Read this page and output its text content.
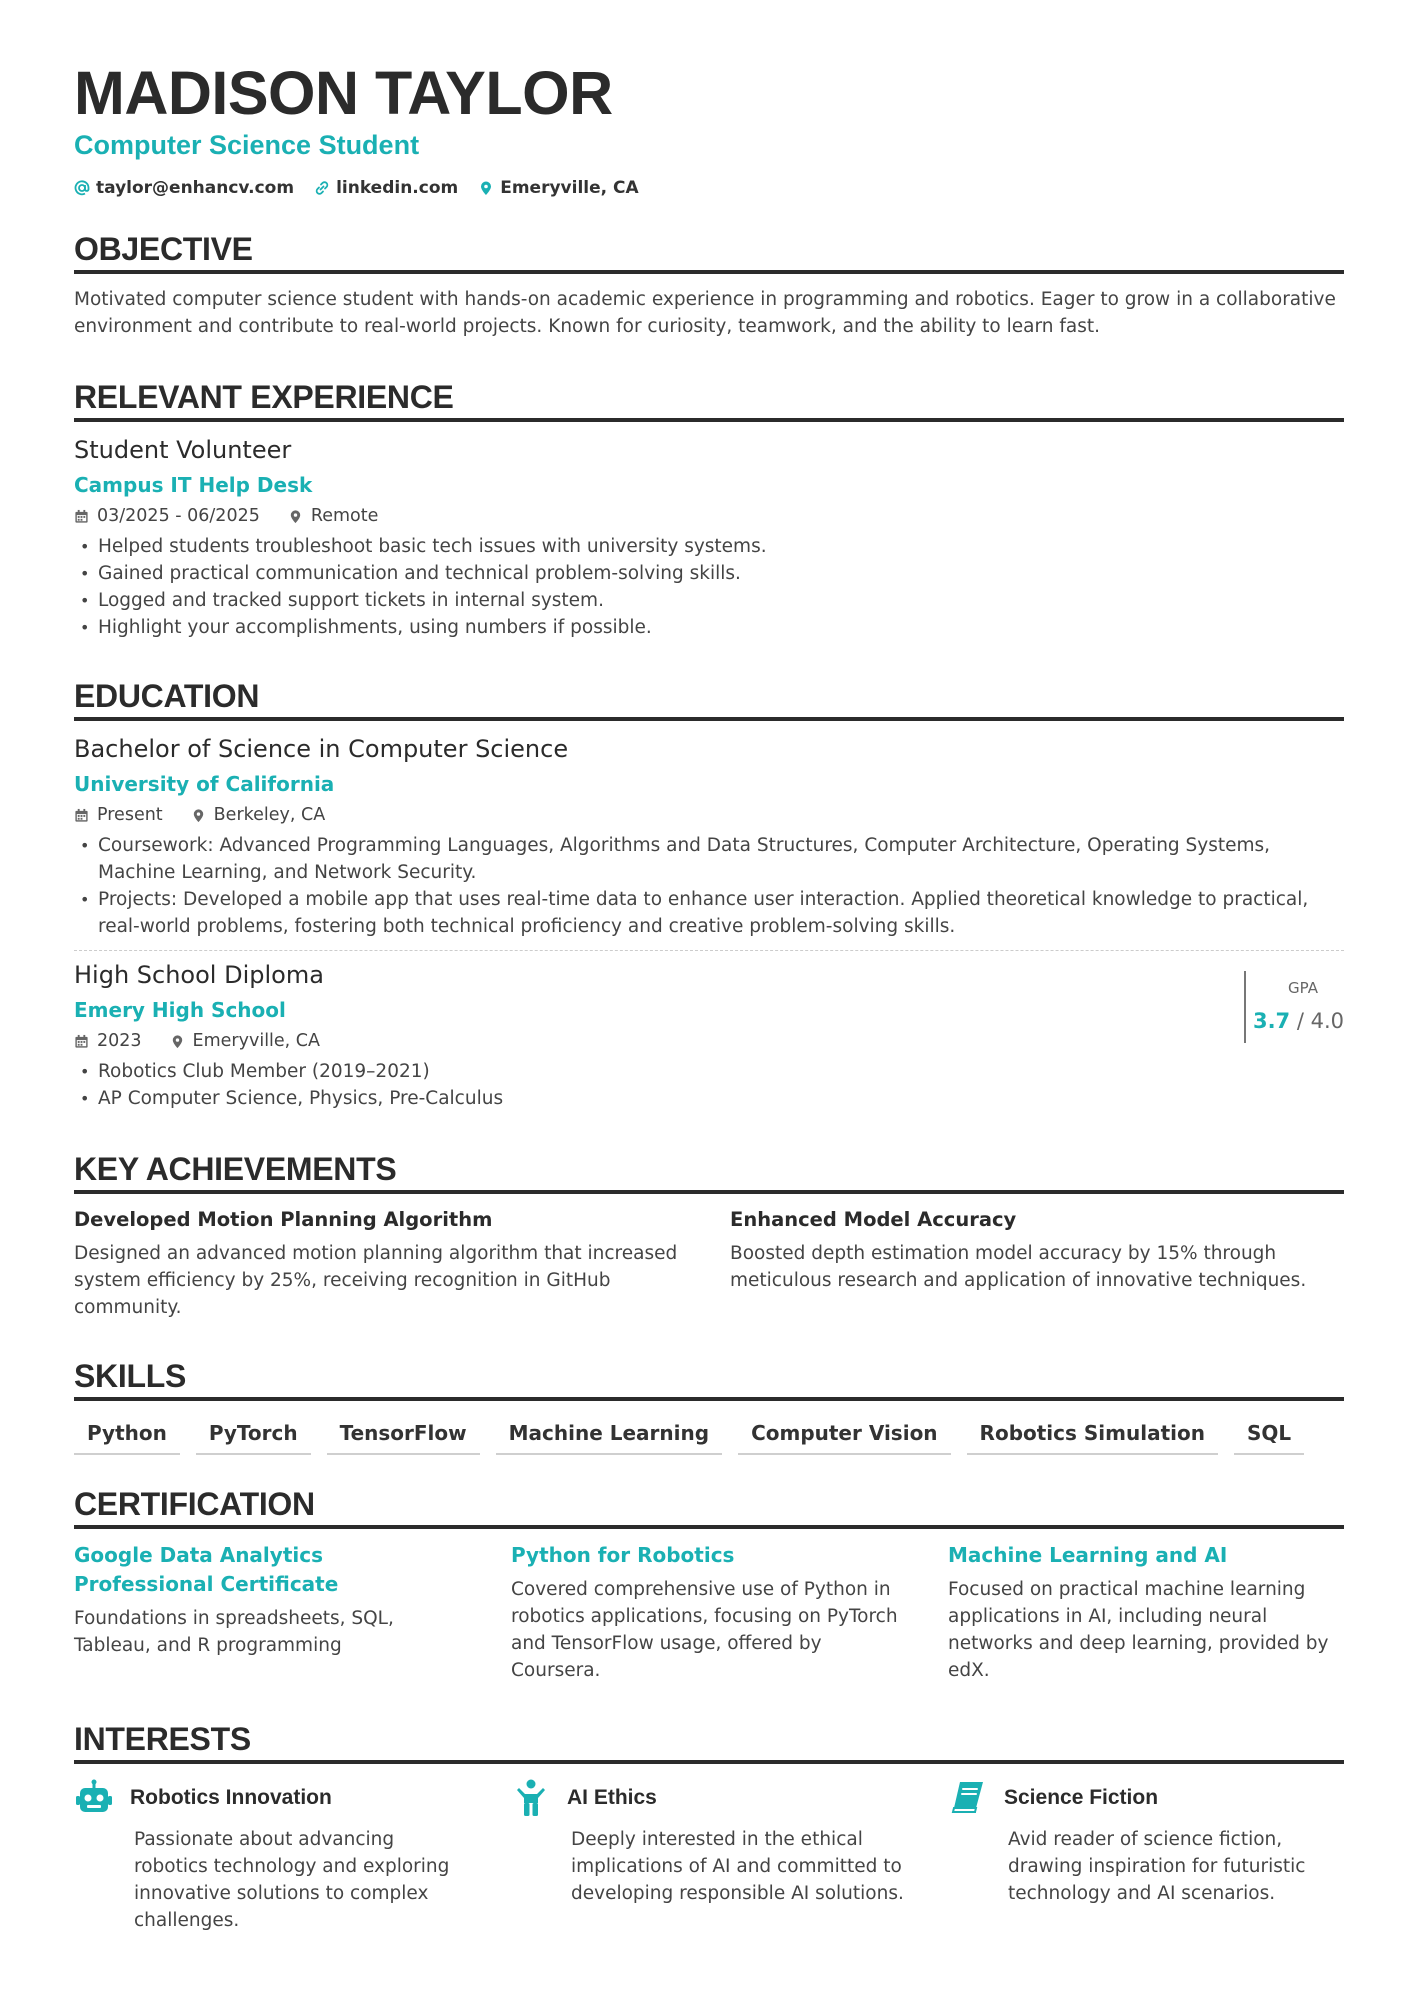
MADISON TAYLOR
Computer Science Student
taylor@enhancv.com linkedin.com Emeryville, CA
OBJECTIVE
Motivated computer science student with hands-on academic experience in programming and robotics. Eager to grow in a collaborative environment and contribute to real-world projects. Known for curiosity, teamwork, and the ability to learn fast.
RELEVANT EXPERIENCE
Student Volunteer
Campus IT Help Desk
03/2025 - 06/2025	Remote
• Helped students troubleshoot basic tech issues with university systems.
• Gained practical communication and technical problem-solving skills.
• Logged and tracked support tickets in internal system.
• Highlight your accomplishments, using numbers if possible.
EDUCATION
Bachelor of Science in Computer Science
University of California
Present	Berkeley, CA
• Coursework: Advanced Programming Languages, Algorithms and Data Structures, Computer Architecture, Operating Systems, Machine Learning, and Network Security.
• Projects: Developed a mobile app that uses real-time data to enhance user interaction. Applied theoretical knowledge to practical, real-world problems, fostering both technical proficiency and creative problem-solving skills.
High School Diploma
Emery High School
2023	Emeryville, CA
• Robotics Club Member (2019–2021)
• AP Computer Science, Physics, Pre-Calculus
GPA
3.7 / 4.0
KEY ACHIEVEMENTS
Developed Motion Planning Algorithm
Designed an advanced motion planning algorithm that increased system efficiency by 25%, receiving recognition in GitHub community.
Enhanced Model Accuracy
Boosted depth estimation model accuracy by 15% through meticulous research and application of innovative techniques.
SKILLS
Python	PyTorch	TensorFlow	Machine Learning	Computer Vision	Robotics Simulation	SQL
CERTIFICATION
Google Data Analytics Professional Certificate
Foundations in spreadsheets, SQL, Tableau, and R programming
Python for Robotics
Covered comprehensive use of Python in robotics applications, focusing on PyTorch and TensorFlow usage, offered by Coursera.
Machine Learning and AI
Focused on practical machine learning applications in AI, including neural networks and deep learning, provided by edX.
INTERESTS
Robotics Innovation
Passionate about advancing robotics technology and exploring innovative solutions to complex challenges.
AI Ethics
Deeply interested in the ethical implications of AI and committed to developing responsible AI solutions.
Science Fiction
Avid reader of science fiction, drawing inspiration for futuristic technology and AI scenarios.
